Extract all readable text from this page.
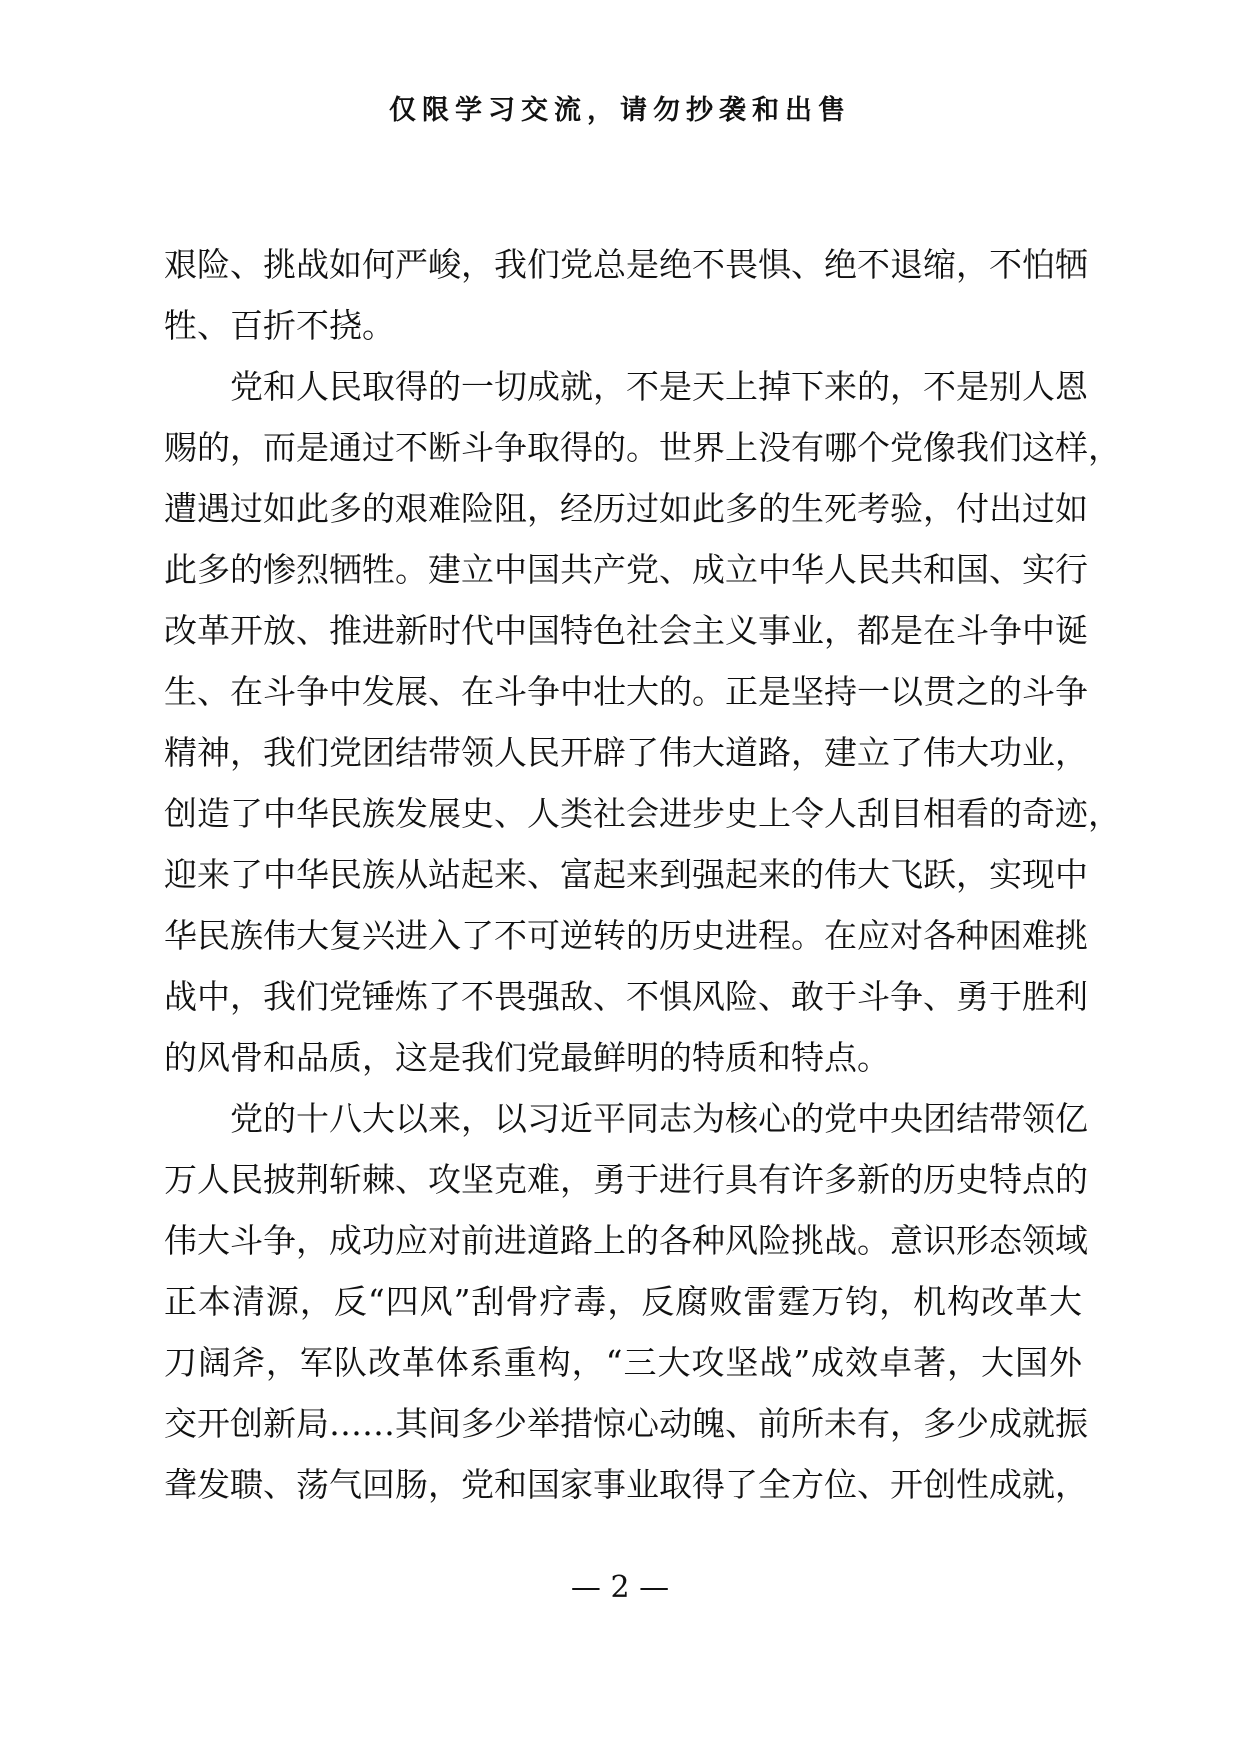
仅限学习交流，请勿抄袭和出售
艰险、挑战如何严峻，我们党总是绝不畏惧、绝不退缩，不怕牺
牲、百折不挠。
党和人民取得的一切成就，不是天上掉下来的，不是别人恩
赐的，而是通过不断斗争取得的。世界上没有哪个党像我们这样，
遭遇过如此多的艰难险阻，经历过如此多的生死考验，付出过如
此多的惨烈牺牲。建立中国共产党、成立中华人民共和国、实行
改革开放、推进新时代中国特色社会主义事业，都是在斗争中诞
生、在斗争中发展、在斗争中壮大的。正是坚持一以贯之的斗争
精神，我们党团结带领人民开辟了伟大道路，建立了伟大功业，
创造了中华民族发展史、人类社会进步史上令人刮目相看的奇迹，
迎来了中华民族从站起来、富起来到强起来的伟大飞跃，实现中
华民族伟大复兴进入了不可逆转的历史进程。在应对各种困难挑
战中，我们党锤炼了不畏强敌、不惧风险、敢于斗争、勇于胜利
的风骨和品质，这是我们党最鲜明的特质和特点。
党的十八大以来，以习近平同志为核心的党中央团结带领亿
万人民披荆斩棘、攻坚克难，勇于进行具有许多新的历史特点的
伟大斗争，成功应对前进道路上的各种风险挑战。意识形态领域
正本清源，反“四风”刮骨疗毒，反腐败雷霆万钧，机构改革大
刀阔斧，军队改革体系重构，“三大攻坚战”成效卓著，大国外
交开创新局……其间多少举措惊心动魄、前所未有，多少成就振
聋发聩、荡气回肠，党和国家事业取得了全方位、开创性成就，
— 2 —
